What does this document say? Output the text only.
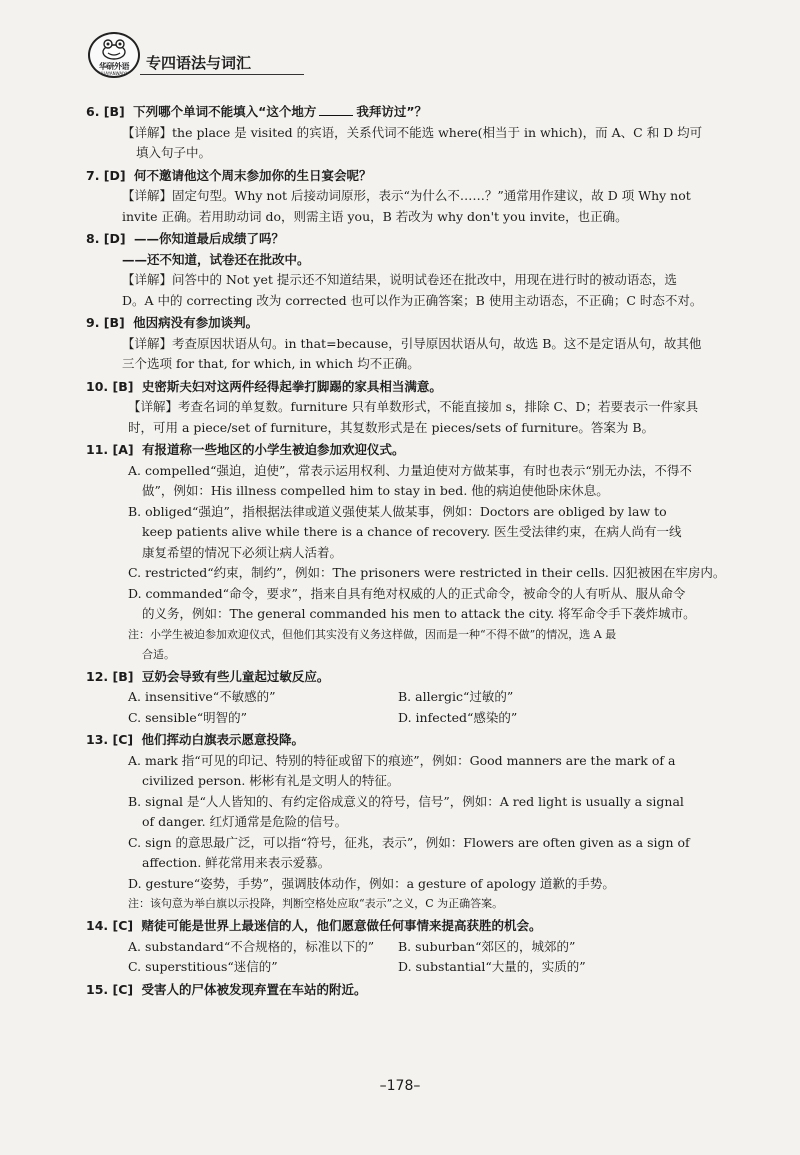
华研外语
HUAYANWAIYU
专四语法与词汇
6. [B] 下列哪个单词不能填入“这个地方	我拜访过”？
【详解】the place 是 visited 的宾语，关系代词不能选 where(相当于 in which)，而 A、C 和 D 均可
填入句子中。
7. [D] 何不邀请他这个周末参加你的生日宴会呢？
【详解】固定句型。Why not 后接动词原形，表示“为什么不……？”通常用作建议，故 D 项 Why not
invite 正确。若用助动词 do，则需主语 you，B 若改为 why don't you invite，也正确。
8. [D] ——你知道最后成绩了吗？
——还不知道，试卷还在批改中。
【详解】问答中的 Not yet 提示还不知道结果，说明试卷还在批改中，用现在进行时的被动语态，选
D。A 中的 correcting 改为 corrected 也可以作为正确答案；B 使用主动语态，不正确；C 时态不对。
9. [B] 他因病没有参加谈判。
【详解】考查原因状语从句。in that=because，引导原因状语从句，故选 B。这不是定语从句，故其他
三个选项 for that, for which, in which 均不正确。
10. [B] 史密斯夫妇对这两件经得起拳打脚踢的家具相当满意。
【详解】考查名词的单复数。furniture 只有单数形式，不能直接加 s，排除 C、D；若要表示一件家具
时，可用 a piece/set of furniture，其复数形式是在 pieces/sets of furniture。答案为 B。
11. [A] 有报道称一些地区的小学生被迫参加欢迎仪式。
A. compelled“强迫，迫使”，常表示运用权利、力量迫使对方做某事，有时也表示“别无办法，不得不
做”，例如：His illness compelled him to stay in bed. 他的病迫使他卧床休息。
B. obliged“强迫”，指根据法律或道义强使某人做某事，例如：Doctors are obliged by law to
keep patients alive while there is a chance of recovery. 医生受法律约束，在病人尚有一线
康复希望的情况下必须让病人活着。
C. restricted“约束，制约”，例如：The prisoners were restricted in their cells. 囚犯被困在牢房内。
D. commanded“命令，要求”，指来自具有绝对权威的人的正式命令，被命令的人有听从、服从命令
的义务，例如：The general commanded his men to attack the city. 将军命令手下袭炸城市。
注：小学生被迫参加欢迎仪式，但他们其实没有义务这样做，因而是一种“不得不做”的情况，选 A 最
合适。
12. [B] 豆奶会导致有些儿童起过敏反应。
A. insensitive“不敏感的”	B. allergic“过敏的”
C. sensible“明智的”	D. infected“感染的”
13. [C] 他们挥动白旗表示愿意投降。
A. mark 指“可见的印记、特别的特征或留下的痕迹”，例如：Good manners are the mark of a
civilized person. 彬彬有礼是文明人的特征。
B. signal 是“人人皆知的、有约定俗成意义的符号，信号”，例如：A red light is usually a signal
of danger. 红灯通常是危险的信号。
C. sign 的意思最广泛，可以指“符号，征兆，表示”，例如：Flowers are often given as a sign of
affection. 鲜花常用来表示爱慕。
D. gesture“姿势，手势”，强调肢体动作，例如：a gesture of apology 道歉的手势。
注：该句意为举白旗以示投降，判断空格处应取“表示”之义，C 为正确答案。
14. [C] 赌徒可能是世界上最迷信的人，他们愿意做任何事情来提高获胜的机会。
A. substandard“不合规格的，标准以下的”	B. suburban“郊区的，城郊的”
C. superstitious“迷信的”	D. substantial“大量的，实质的”
15. [C] 受害人的尸体被发现弃置在车站的附近。
–178–
